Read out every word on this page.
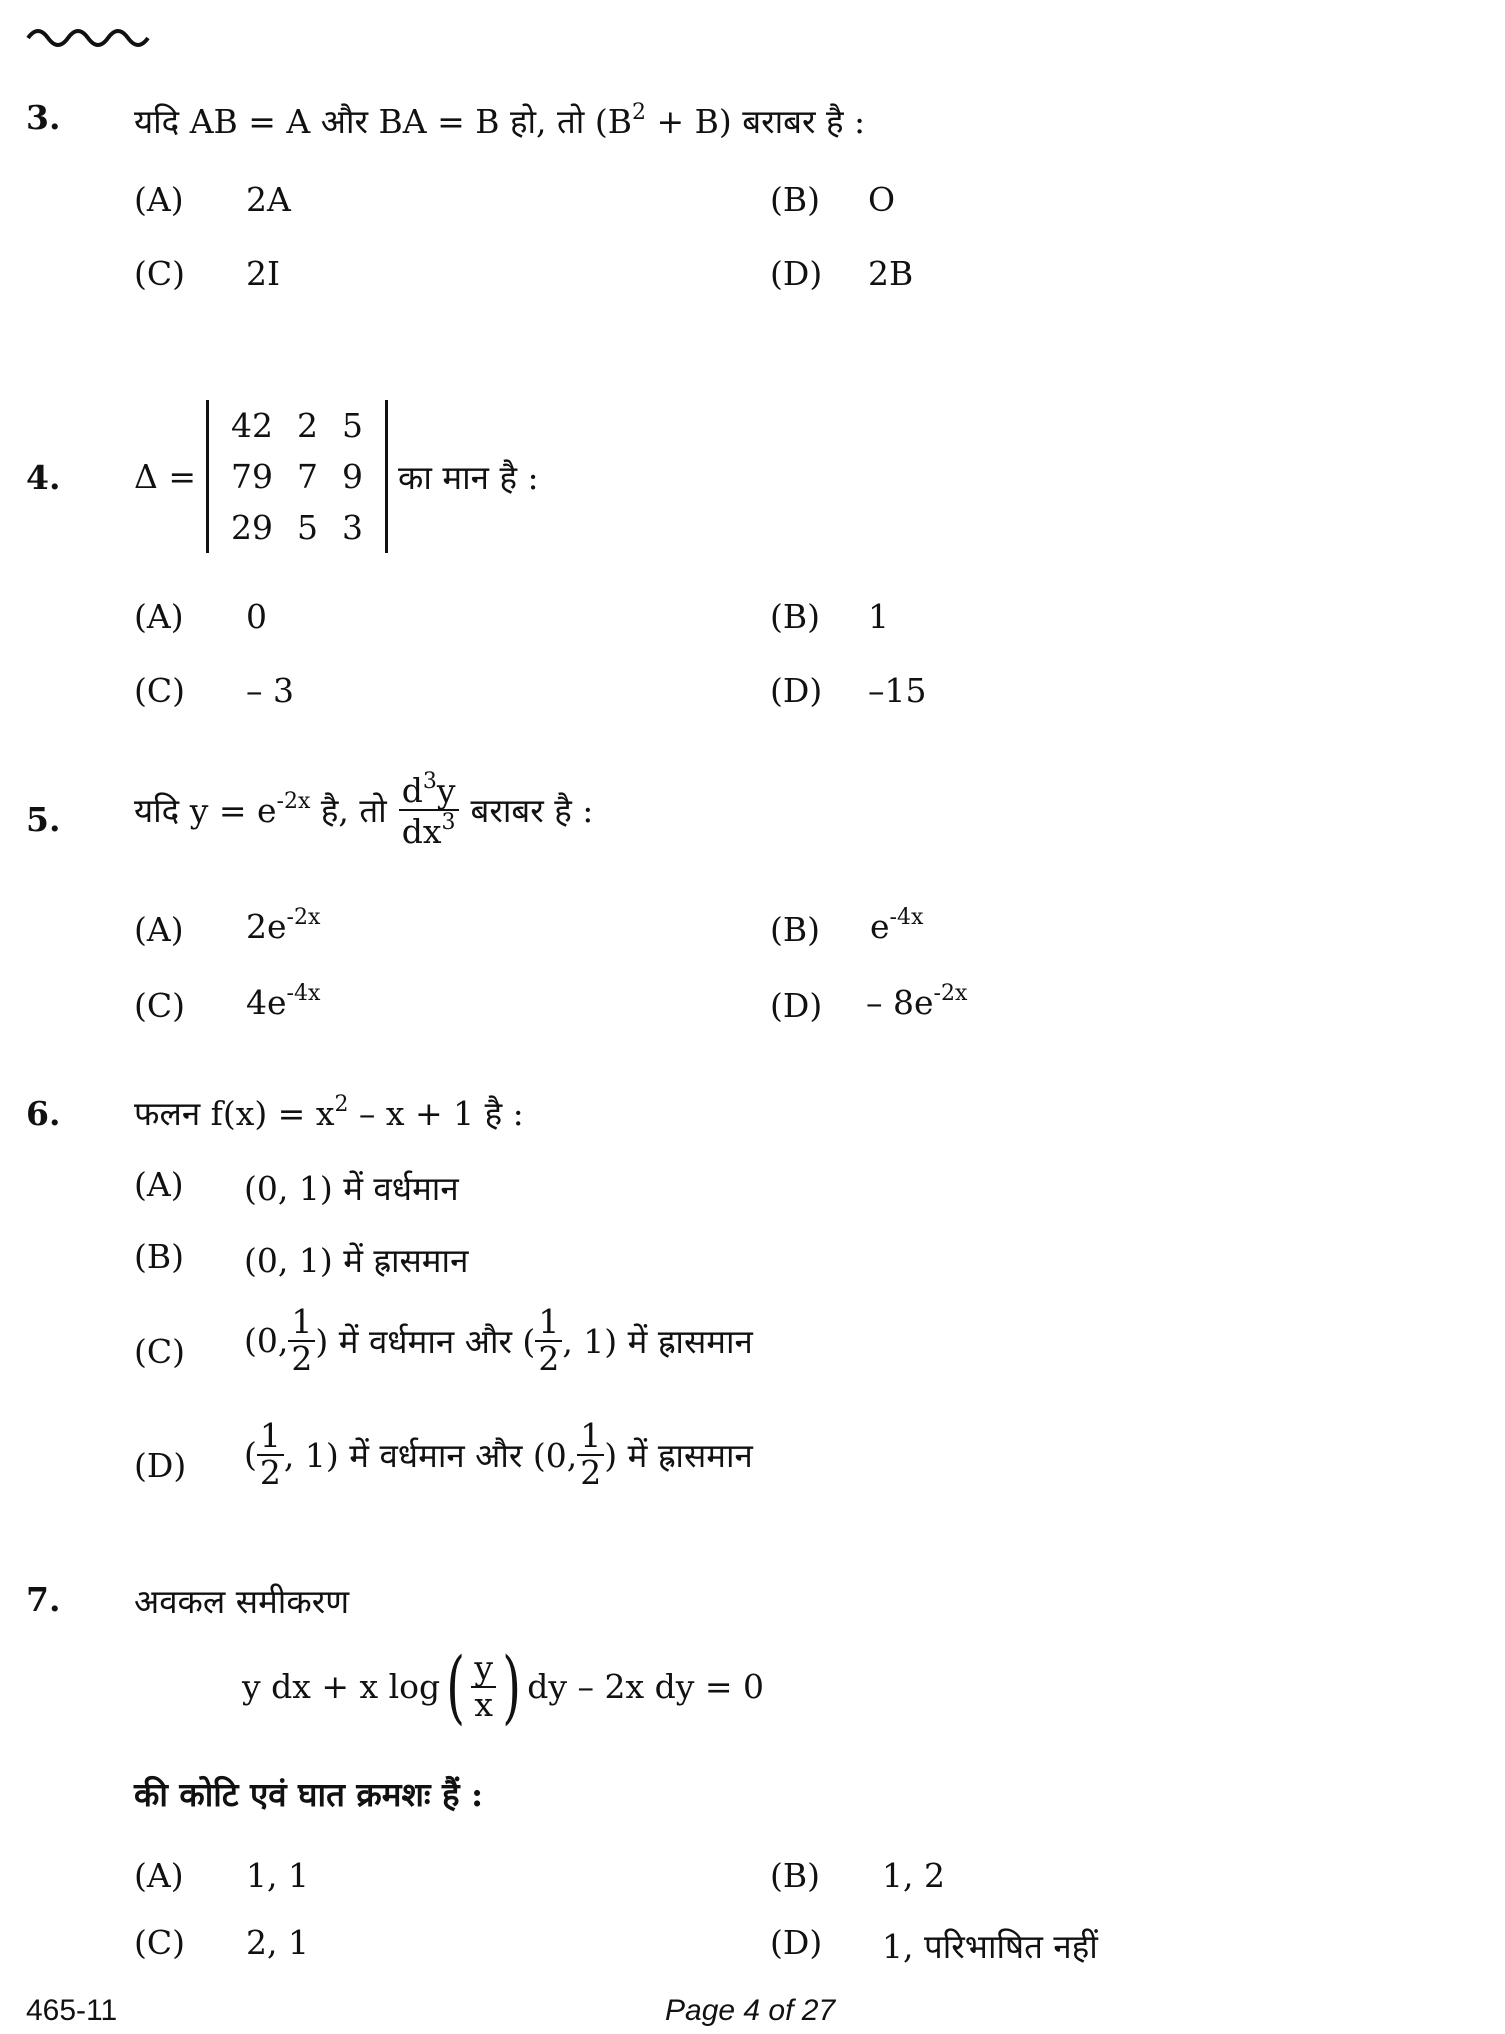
3. यदि AB = A और BA = B हो, तो $(B^2 + B)$ बराबर है :
(A) 2A	(B) O
(C) 2I	(D) 2B
4. Δ =
42	2	5
79	7	9
29	5	3
का मान है :
(A) 0	(B) 1
(C) – 3	(D) –15
5. यदि $y = e^{-2x}$ है, तो $\frac{d^3y}{dx^3}$ बराबर है :
(A) $2e^{-2x}$	(B) $e^{-4x}$
(C) $4e^{-4x}$	$(D) - 8e^{-2x}$
6. फलन $f(x) = x^2 - x + 1$ है :
(A) (0, 1) में वर्धमान
(B) (0, 1) में ह्रासमान
(C) (0, $\frac{1}{2}$ ) में वर्धमान और ( $\frac{1}{2}$ , 1) में ह्रासमान
(D) ( $\frac{1}{2}$ , 1) में वर्धमान और (0, $\frac{1}{2}$ ) में ह्रासमान
7. अवकल समीकरण
y dx + x log ( $\frac{y}{x}$ ) dy – 2x dy = 0
की कोटि एवं घात क्रमशः हैं :
(A) 1, 1	(B) 1, 2
(C) 2, 1	(D) 1, परिभाषित नहीं
465-11	Page 4 of 27
